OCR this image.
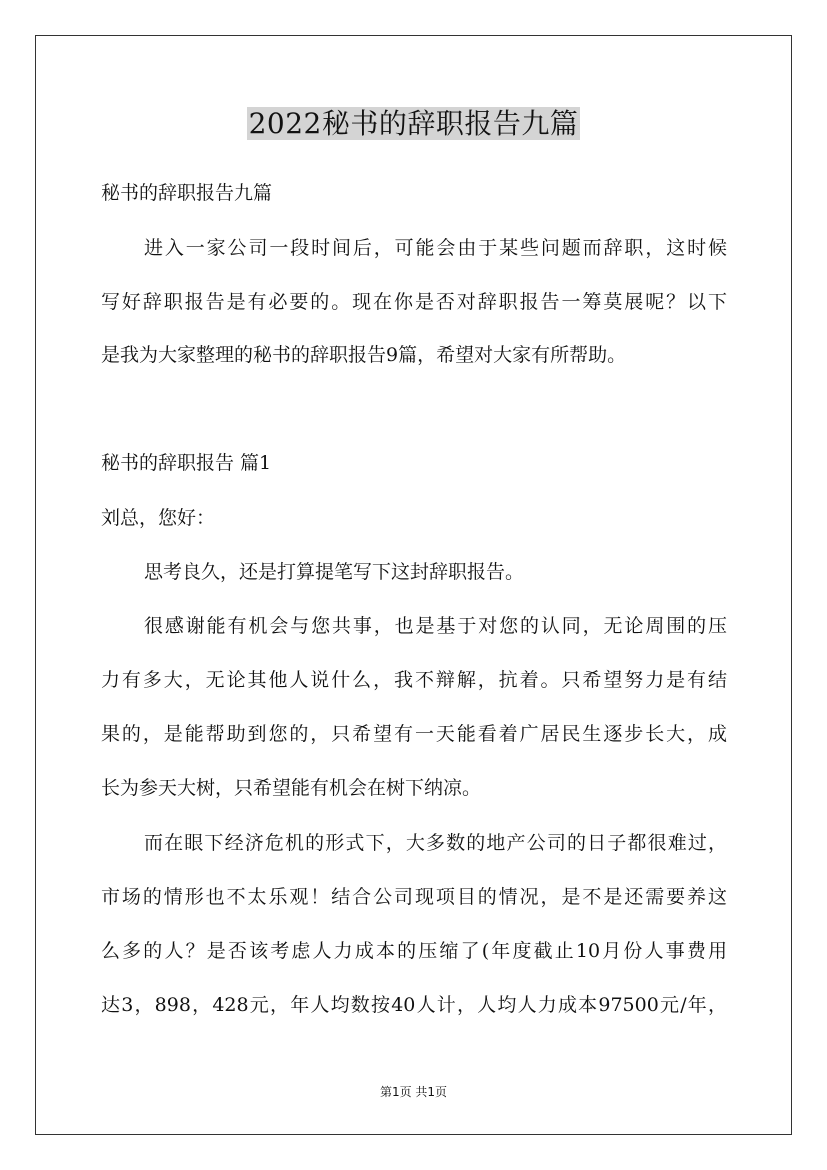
2022秘书的辞职报告九篇

秘书的辞职报告九篇

进入一家公司一段时间后，可能会由于某些问题而辞职，这时候

写好辞职报告是有必要的。现在你是否对辞职报告一筹莫展呢？以下

是我为大家整理的秘书的辞职报告9篇，希望对大家有所帮助。

秘书的辞职报告 篇1

刘总，您好：

思考良久，还是打算提笔写下这封辞职报告。

很感谢能有机会与您共事，也是基于对您的认同，无论周围的压

力有多大，无论其他人说什么，我不辩解，抗着。只希望努力是有结

果的，是能帮助到您的，只希望有一天能看着广居民生逐步长大，成

长为参天大树，只希望能有机会在树下纳凉。

而在眼下经济危机的形式下，大多数的地产公司的日子都很难过，

市场的情形也不太乐观！结合公司现项目的情况，是不是还需要养这

么多的人？是否该考虑人力成本的压缩了(年度截止10月份人事费用

达3，898，428元，年人均数按40人计，人均人力成本97500元/年，

第1页 共1页
